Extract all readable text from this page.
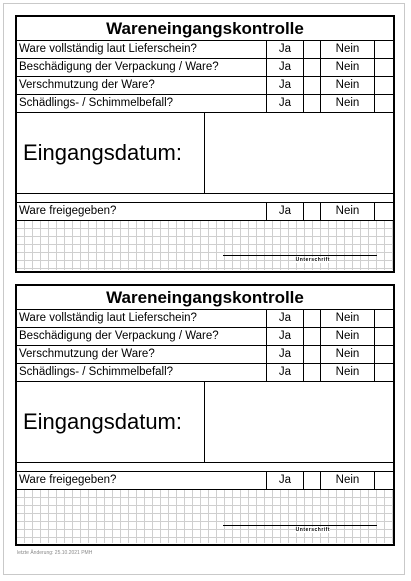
Wareneingangskontrolle
Ware vollständig laut Lieferschein?	Ja	Nein
Beschädigung der Verpackung / Ware?	Ja	Nein
Verschmutzung der Ware?	Ja	Nein
Schädlings- / Schimmelbefall?	Ja	Nein
Eingangsdatum:
Ware freigegeben?	Ja	Nein
Unterschrift
Wareneingangskontrolle
Ware vollständig laut Lieferschein?	Ja	Nein
Beschädigung der Verpackung / Ware?	Ja	Nein
Verschmutzung der Ware?	Ja	Nein
Schädlings- / Schimmelbefall?	Ja	Nein
Eingangsdatum:
Ware freigegeben?	Ja	Nein
Unterschrift
letzte Änderung: 25.10.2021 PMH
